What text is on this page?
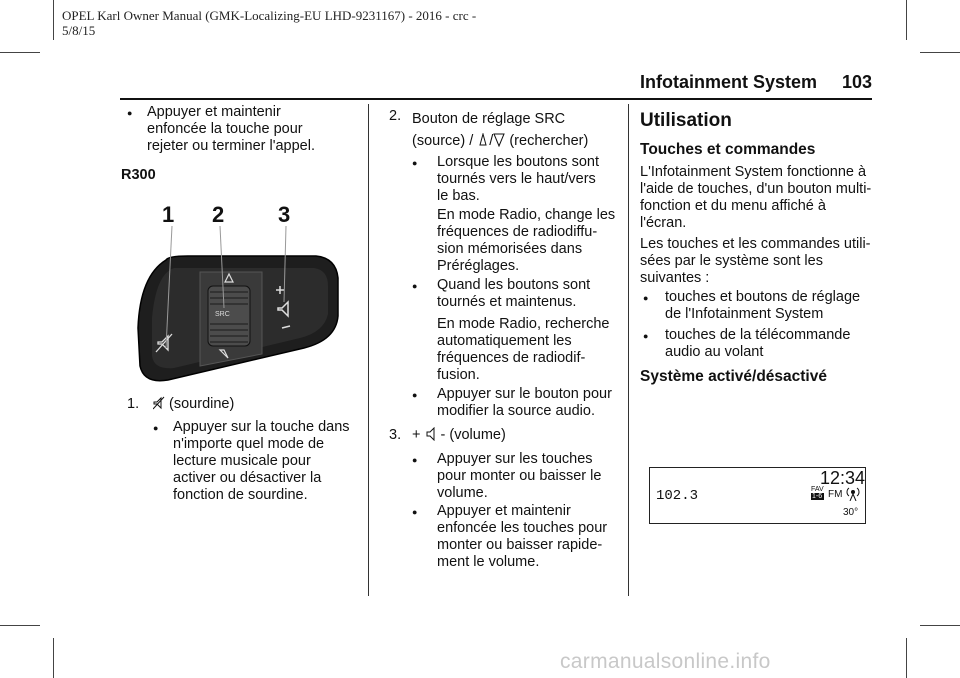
OPEL Karl Owner Manual (GMK-Localizing-EU LHD-9231167) - 2016 - crc -
5/8/15
Infotainment System 103
● Appuyer et maintenir
enfoncée la touche pour
rejeter ou terminer l'appel.
R300
SRC
1 2 3
1.	(sourdine)
● Appuyer sur la touche dans
n'importe quel mode de
lecture musicale pour
activer ou désactiver la
fonction de sourdine.
2. Bouton de réglage SRC
(source) / / (rechercher)
● Lorsque les boutons sont
tournés vers le haut/vers
le bas.
En mode Radio, change les
fréquences de radiodiffu-
sion mémorisées dans
Préréglages.
● Quand les boutons sont
tournés et maintenus.
En mode Radio, recherche
automatiquement les
fréquences de radiodif-
fusion.
● Appuyer sur le bouton pour
modifier la source audio.
3. + - (volume)
● Appuyer sur les touches
pour monter ou baisser le
volume.
● Appuyer et maintenir
enfoncée les touches pour
monter ou baisser rapide-
ment le volume.
Utilisation
Touches et commandes
L'Infotainment System fonctionne à
l'aide de touches, d'un bouton multi-
fonction et du menu affiché à
l'écran.
Les touches et les commandes utili-
sées par le système sont les
suivantes :
● touches et boutons de réglage
de l'Infotainment System
● touches de la télécommande
audio au volant
Système activé/désactivé
12:34
102.3	FAV
1-6 FM
30°
carmanualsonline.info
